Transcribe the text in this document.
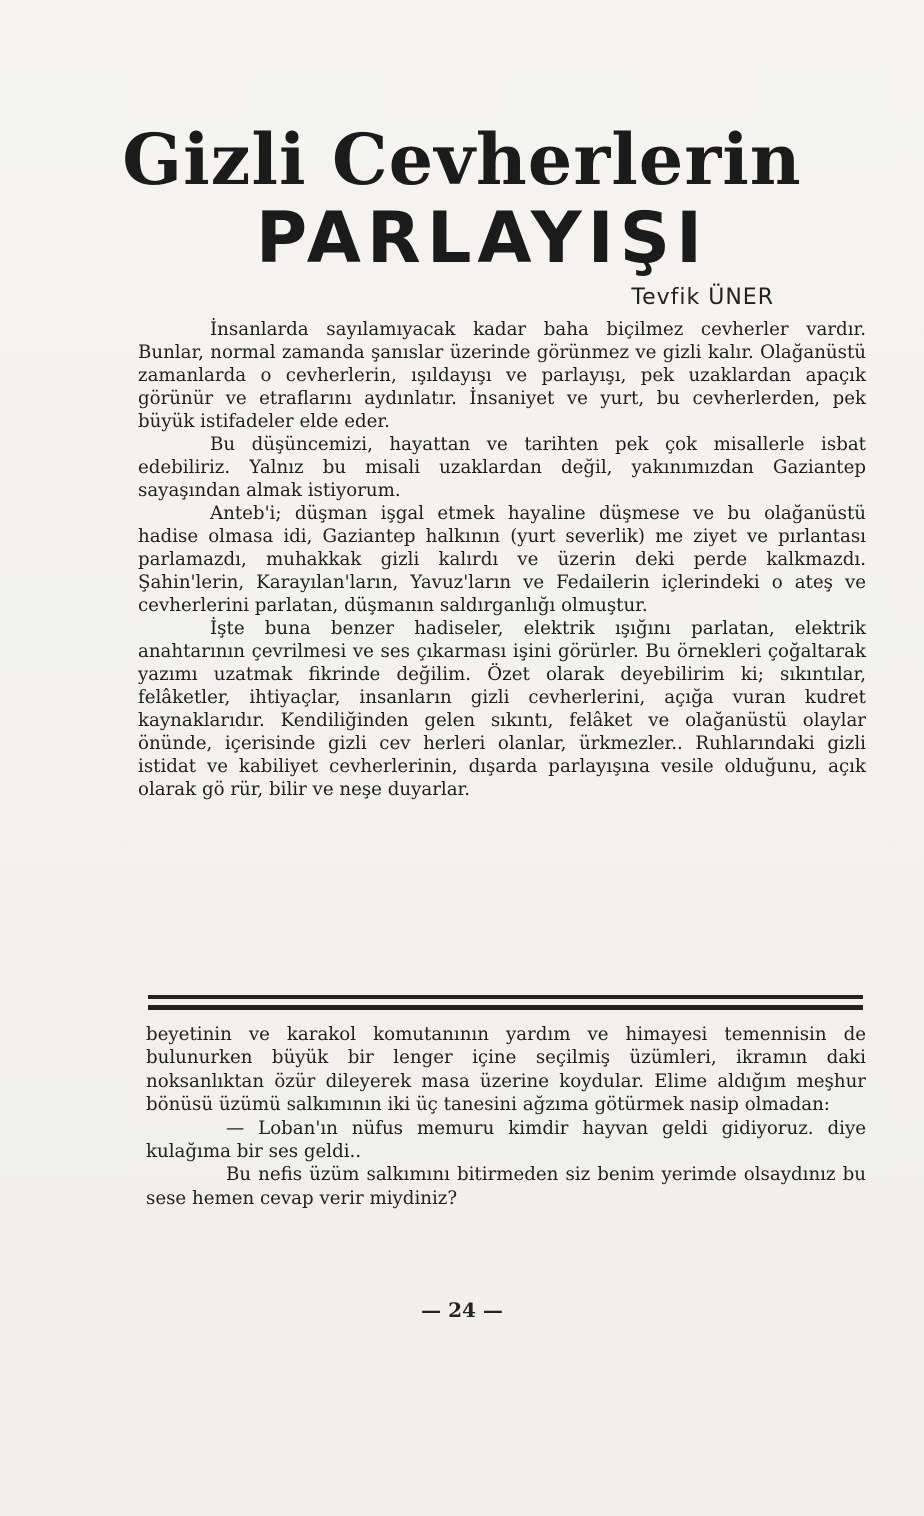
Gizli Cevherlerin
PARLAYIŞI
Tevfik ÜNER

İnsanlarda sayılamıyacak kadar baha biçilmez cevherler vardır. Bunlar, normal zamanda şanıslar üzerinde görünmez ve gizli kalır. Olağanüstü zamanlarda o cevherlerin, ışıldayışı ve parlayışı, pek uzaklardan apaçık görünür ve etraflarını aydınlatır. İnsaniyet ve yurt, bu cevherlerden, pek büyük istifadeler elde eder.

Bu düşüncemizi, hayattan ve tarihten pek çok misallerle isbat edebiliriz. Yalnız bu misali uzaklardan değil, yakınımızdan Gaziantep sayaşından almak istiyorum.

Anteb'i; düşman işgal etmek hayaline düşmese ve bu olağanüstü hadise olmasa idi, Gaziantep halkının (yurt severlik) me ziyet ve pırlantası parlamazdı, muhakkak gizli kalırdı ve üzerin deki perde kalkmazdı. Şahin'lerin, Karayılan'ların, Yavuz'ların ve Fedailerin içlerindeki o ateş ve cevherlerini parlatan, düşmanın saldırganlığı olmuştur.

İşte buna benzer hadiseler, elektrik ışığını parlatan, elektrik anahtarının çevrilmesi ve ses çıkarması işini görürler. Bu örnekleri çoğaltarak yazımı uzatmak fikrinde değilim. Özet olarak deyebilirim ki; sıkıntılar, felâketler, ihtiyaçlar, insanların gizli cevherlerini, açığa vuran kudret kaynaklarıdır. Kendiliğinden gelen sıkıntı, felâket ve olağanüstü olaylar önünde, içerisinde gizli cev herleri olanlar, ürkmezler.. Ruhlarındaki gizli istidat ve kabiliyet cevherlerinin, dışarda parlayışına vesile olduğunu, açık olarak gö rür, bilir ve neşe duyarlar.

beyetinin ve karakol komutanının yardım ve himayesi temennisin de bulunurken büyük bir lenger içine seçilmiş üzümleri, ikramın daki noksanlıktan özür dileyerek masa üzerine koydular. Elime aldığım meşhur bönüsü üzümü salkımının iki üç tanesini ağzıma götürmek nasip olmadan:

— Loban'ın nüfus memuru kimdir hayvan geldi gidiyoruz. diye kulağıma bir ses geldi..

Bu nefis üzüm salkımını bitirmeden siz benim yerimde olsaydınız bu sese hemen cevap verir miydiniz?

— 24 —
